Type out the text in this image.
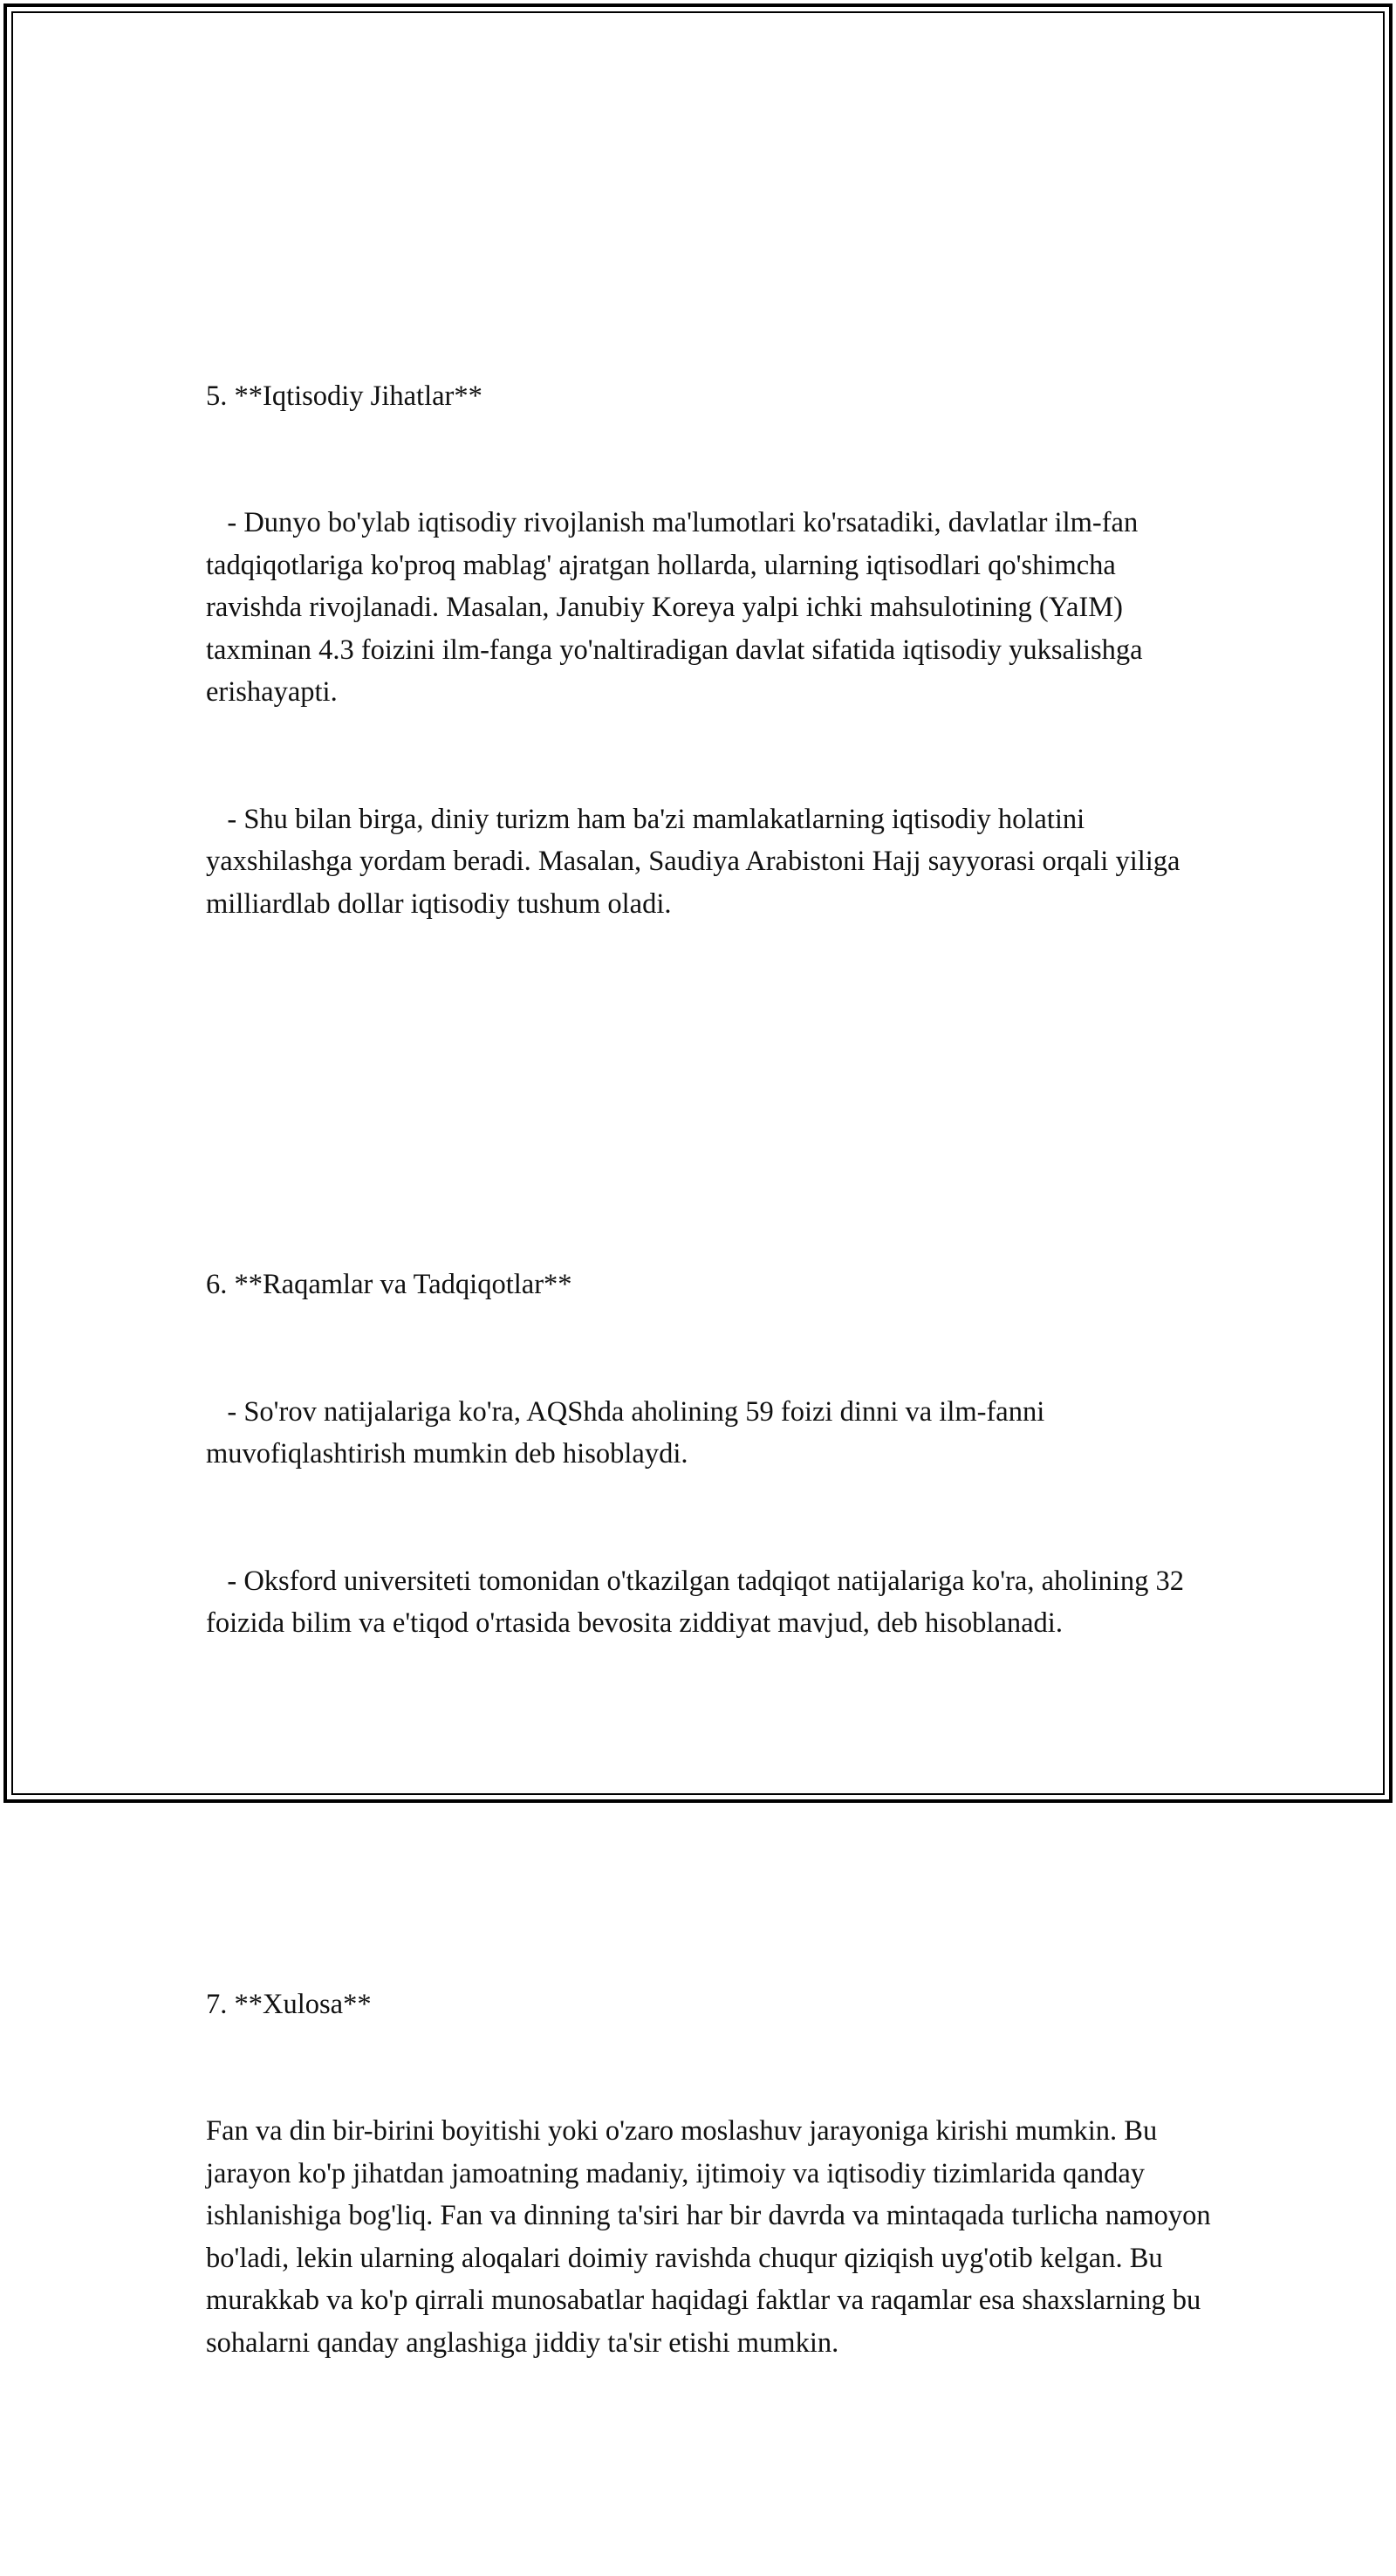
5. **Iqtisodiy Jihatlar**

- Dunyo bo'ylab iqtisodiy rivojlanish ma'lumotlari ko'rsatadiki, davlatlar ilm-fan tadqiqotlariga ko'proq mablag' ajratgan hollarda, ularning iqtisodlari qo'shimcha ravishda rivojlanadi. Masalan, Janubiy Koreya yalpi ichki mahsulotining (YaIM) taxminan 4.3 foizini ilm-fanga yo'naltiradigan davlat sifatida iqtisodiy yuksalishga erishayapti.

- Shu bilan birga, diniy turizm ham ba'zi mamlakatlarning iqtisodiy holatini yaxshilashga yordam beradi. Masalan, Saudiya Arabistoni Hajj sayyorasi orqali yiliga milliardlab dollar iqtisodiy tushum oladi.

6. **Raqamlar va Tadqiqotlar**

- So'rov natijalariga ko'ra, AQShda aholining 59 foizi dinni va ilm-fanni muvofiqlashtirish mumkin deb hisoblaydi.

- Oksford universiteti tomonidan o'tkazilgan tadqiqot natijalariga ko'ra, aholining 32 foizida bilim va e'tiqod o'rtasida bevosita ziddiyat mavjud, deb hisoblanadi.

7. **Xulosa**

Fan va din bir-birini boyitishi yoki o'zaro moslashuv jarayoniga kirishi mumkin. Bu jarayon ko'p jihatdan jamoatning madaniy, ijtimoiy va iqtisodiy tizimlarida qanday ishlanishiga bog'liq. Fan va dinning ta'siri har bir davrda va mintaqada turlicha namoyon bo'ladi, lekin ularning aloqalari doimiy ravishda chuqur qiziqish uyg'otib kelgan. Bu murakkab va ko'p qirrali munosabatlar haqidagi faktlar va raqamlar esa shaxslarning bu sohalarni qanday anglashiga jiddiy ta'sir etishi mumkin.
